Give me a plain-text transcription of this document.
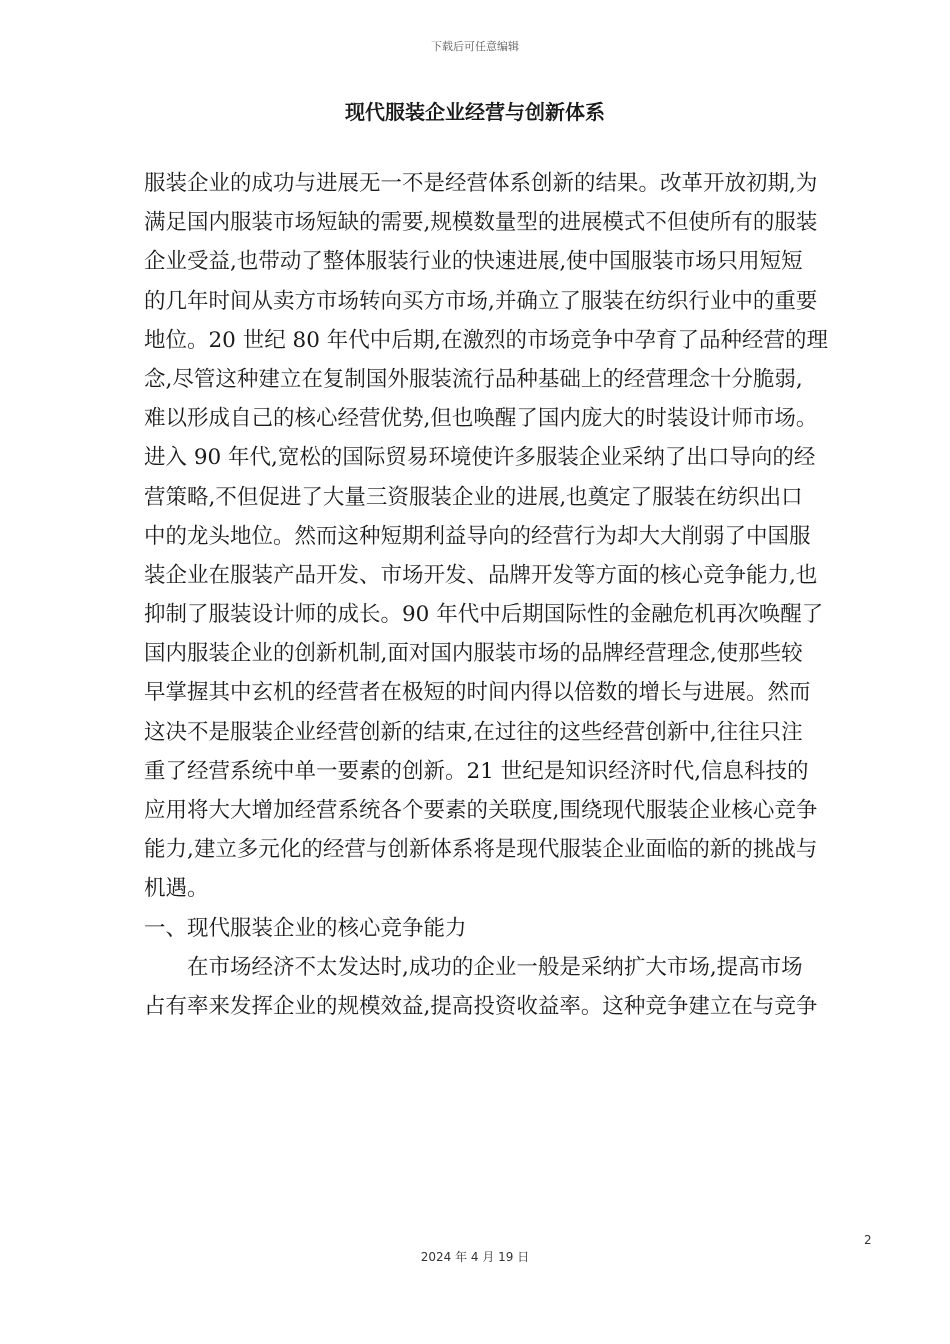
下载后可任意编辑
现代服装企业经营与创新体系
服装企业的成功与进展无一不是经营体系创新的结果。改革开放初期,为
满足国内服装市场短缺的需要,规模数量型的进展模式不但使所有的服装
企业受益,也带动了整体服装行业的快速进展,使中国服装市场只用短短
的几年时间从卖方市场转向买方市场,并确立了服装在纺织行业中的重要
地位。20 世纪 80 年代中后期,在激烈的市场竞争中孕育了品种经营的理
念,尽管这种建立在复制国外服装流行品种基础上的经营理念十分脆弱,
难以形成自己的核心经营优势,但也唤醒了国内庞大的时装设计师市场。
进入 90 年代,宽松的国际贸易环境使许多服装企业采纳了出口导向的经
营策略,不但促进了大量三资服装企业的进展,也奠定了服装在纺织出口
中的龙头地位。然而这种短期利益导向的经营行为却大大削弱了中国服
装企业在服装产品开发、市场开发、品牌开发等方面的核心竞争能力,也
抑制了服装设计师的成长。90 年代中后期国际性的金融危机再次唤醒了
国内服装企业的创新机制,面对国内服装市场的品牌经营理念,使那些较
早掌握其中玄机的经营者在极短的时间内得以倍数的增长与进展。然而
这决不是服装企业经营创新的结束,在过往的这些经营创新中,往往只注
重了经营系统中单一要素的创新。21 世纪是知识经济时代,信息科技的
应用将大大增加经营系统各个要素的关联度,围绕现代服装企业核心竞争
能力,建立多元化的经营与创新体系将是现代服装企业面临的新的挑战与
机遇。
一、现代服装企业的核心竞争能力
在市场经济不太发达时,成功的企业一般是采纳扩大市场,提高市场
占有率来发挥企业的规模效益,提高投资收益率。这种竞争建立在与竞争
2
2024 年 4 月 19 日
